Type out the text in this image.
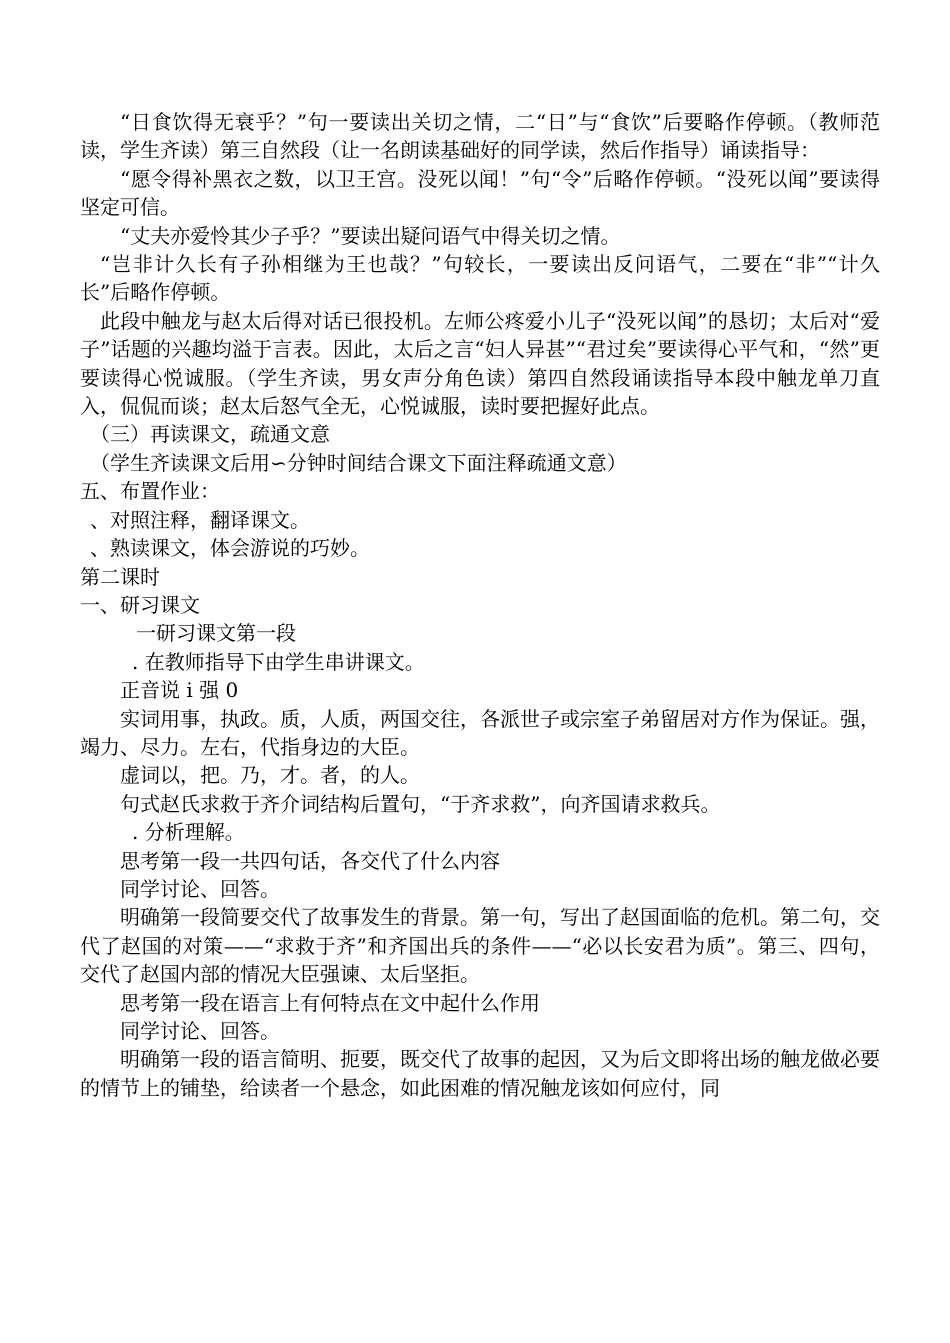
“日食饮得无衰乎？”句一要读出关切之情，二“日”与“食饮”后要略作停顿。（教师范读，学生齐读）第三自然段（让一名朗读基础好的同学读，然后作指导）诵读指导：

“愿令得补黑衣之数，以卫王宫。没死以闻！”句“令”后略作停顿。“没死以闻”要读得坚定可信。

“丈夫亦爱怜其少子乎？”要读出疑问语气中得关切之情。

“岂非计久长有子孙相继为王也哉？”句较长，一要读出反问语气，二要在“非”“计久长”后略作停顿。

此段中触龙与赵太后得对话已很投机。左师公疼爱小儿子“没死以闻”的恳切；太后对“爱子”话题的兴趣均溢于言表。因此，太后之言“妇人异甚”“君过矣”要读得心平气和，“然”更要读得心悦诚服。（学生齐读，男女声分角色读）第四自然段诵读指导本段中触龙单刀直入，侃侃而谈；赵太后怒气全无，心悦诚服，读时要把握好此点。

（三）再读课文，疏通文意

（学生齐读课文后用∽分钟时间结合课文下面注释疏通文意）

五、布置作业：

、对照注释，翻译课文。

、熟读课文，体会游说的巧妙。

第二课时

一、研习课文

一研习课文第一段

. 在教师指导下由学生串讲课文。

正音说 i 强 0

实词用事，执政。质，人质，两国交往，各派世子或宗室子弟留居对方作为保证。强，竭力、尽力。左右，代指身边的大臣。

虚词以，把。乃，才。者，的人。

句式赵氏求救于齐介词结构后置句，“于齐求救”，向齐国请求救兵。

. 分析理解。

思考第一段一共四句话，各交代了什么内容

同学讨论、回答。

明确第一段简要交代了故事发生的背景。第一句，写出了赵国面临的危机。第二句，交代了赵国的对策——“求救于齐”和齐国出兵的条件——“必以长安君为质”。第三、四句，交代了赵国内部的情况大臣强谏、太后坚拒。

思考第一段在语言上有何特点在文中起什么作用

同学讨论、回答。

明确第一段的语言简明、扼要，既交代了故事的起因，又为后文即将出场的触龙做必要的情节上的铺垫，给读者一个悬念，如此困难的情况触龙该如何应付，同
